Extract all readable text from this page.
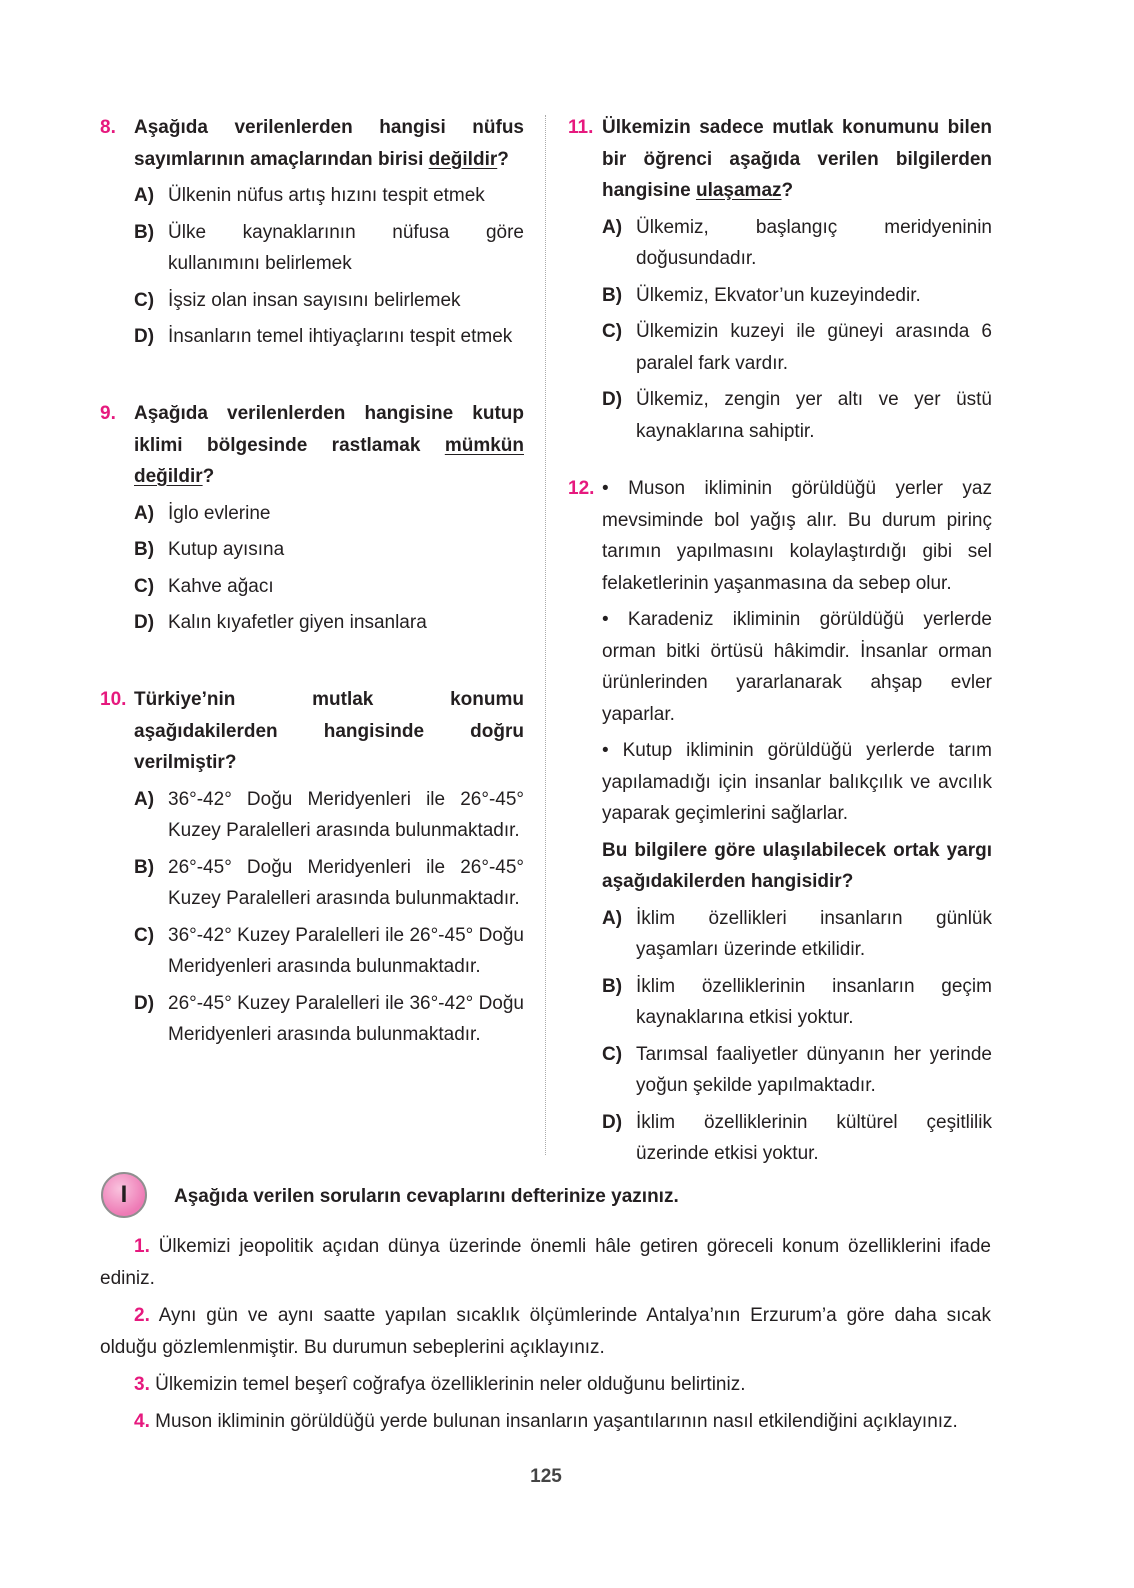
8. Aşağıda verilenlerden hangisi nüfus sayımlarının amaçlarından birisi değildir?
A) Ülkenin nüfus artış hızını tespit etmek
B) Ülke kaynaklarının nüfusa göre kullanımını belirlemek
C) İşsiz olan insan sayısını belirlemek
D) İnsanların temel ihtiyaçlarını tespit etmek
9. Aşağıda verilenlerden hangisine kutup iklimi bölgesinde rastlamak mümkün değildir?
A) İglo evlerine
B) Kutup ayısına
C) Kahve ağacı
D) Kalın kıyafetler giyen insanlara
10. Türkiye’nin mutlak konumu aşağıdakilerden hangisinde doğru verilmiştir?
A) 36°-42° Doğu Meridyenleri ile 26°-45° Kuzey Paralelleri arasında bulunmaktadır.
B) 26°-45° Doğu Meridyenleri ile 26°-45° Kuzey Paralelleri arasında bulunmaktadır.
C) 36°-42° Kuzey Paralelleri ile 26°-45° Doğu Meridyenleri arasında bulunmaktadır.
D) 26°-45° Kuzey Paralelleri ile 36°-42° Doğu Meridyenleri arasında bulunmaktadır.
11. Ülkemizin sadece mutlak konumunu bilen bir öğrenci aşağıda verilen bilgilerden hangisine ulaşamaz?
A) Ülkemiz, başlangıç meridyeninin doğusundadır.
B) Ülkemiz, Ekvator’un kuzeyindedir.
C) Ülkemizin kuzeyi ile güneyi arasında 6 paralel fark vardır.
D) Ülkemiz, zengin yer altı ve yer üstü kaynaklarına sahiptir.
12. • Muson ikliminin görüldüğü yerler yaz mevsiminde bol yağış alır. Bu durum pirinç tarımın yapılmasını kolaylaştırdığı gibi sel felaketlerinin yaşanmasına da sebep olur.
• Karadeniz ikliminin görüldüğü yerlerde orman bitki örtüsü hâkimdir. İnsanlar orman ürünlerinden yararlanarak ahşap evler yaparlar.
• Kutup ikliminin görüldüğü yerlerde tarım yapılamadığı için insanlar balıkçılık ve avcılık yaparak geçimlerini sağlarlar.
Bu bilgilere göre ulaşılabilecek ortak yargı aşağıdakilerden hangisidir?
A) İklim özellikleri insanların günlük yaşamları üzerinde etkilidir.
B) İklim özelliklerinin insanların geçim kaynaklarına etkisi yoktur.
C) Tarımsal faaliyetler dünyanın her yerinde yoğun şekilde yapılmaktadır.
D) İklim özelliklerinin kültürel çeşitlilik üzerinde etkisi yoktur.
I	Aşağıda verilen soruların cevaplarını defterinize yazınız.
1. Ülkemizi jeopolitik açıdan dünya üzerinde önemli hâle getiren göreceli konum özelliklerini ifade ediniz.
2. Aynı gün ve aynı saatte yapılan sıcaklık ölçümlerinde Antalya’nın Erzurum’a göre daha sıcak olduğu gözlemlenmiştir. Bu durumun sebeplerini açıklayınız.
3. Ülkemizin temel beşerî coğrafya özelliklerinin neler olduğunu belirtiniz.
4. Muson ikliminin görüldüğü yerde bulunan insanların yaşantılarının nasıl etkilendiğini açıklayınız.
125
